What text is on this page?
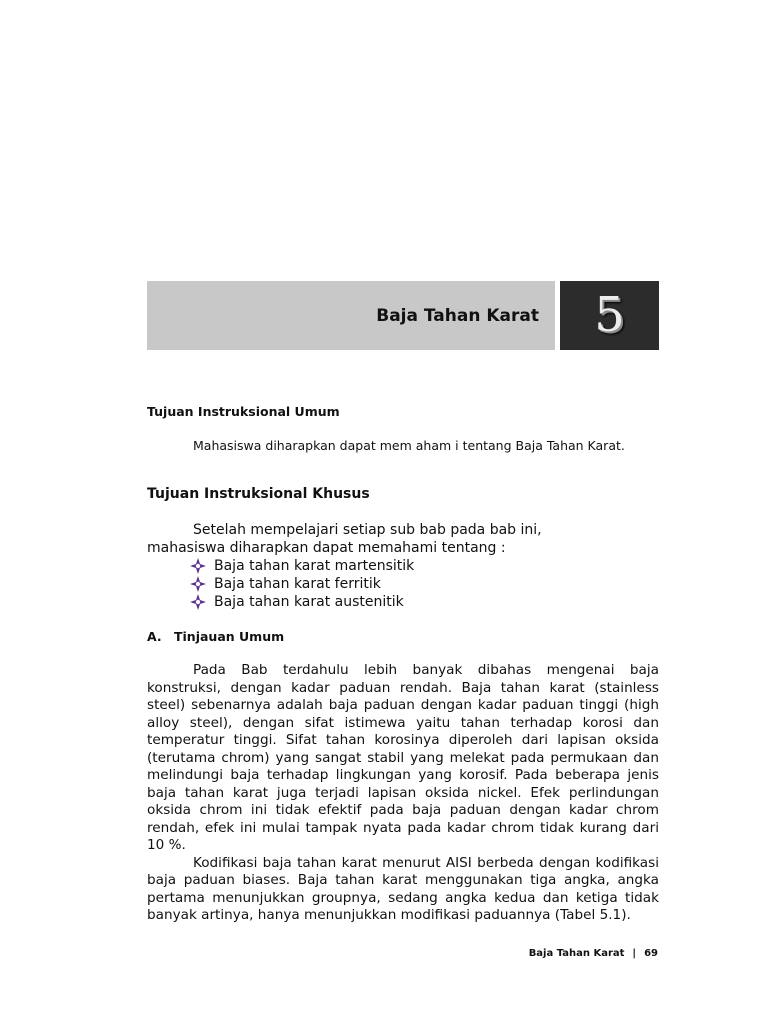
Baja Tahan Karat	5
Tujuan Instruksional Umum
Mahasiswa diharapkan dapat mem aham i tentang Baja Tahan Karat.
Tujuan Instruksional Khusus
Setelah mempelajari setiap sub bab pada bab ini, mahasiswa diharapkan dapat memahami tentang :
Baja tahan karat martensitik
Baja tahan karat ferritik
Baja tahan karat austenitik
A. Tinjauan Umum

Pada Bab terdahulu lebih banyak dibahas mengenai baja konstruksi, dengan kadar paduan rendah. Baja tahan karat (stainless steel) sebenarnya adalah baja paduan dengan kadar paduan tinggi (high alloy steel), dengan sifat istimewa yaitu tahan terhadap korosi dan temperatur tinggi. Sifat tahan korosinya diperoleh dari lapisan oksida (terutama chrom) yang sangat stabil yang melekat pada permukaan dan melindungi baja terhadap lingkungan yang korosif. Pada beberapa jenis baja tahan karat juga terjadi lapisan oksida nickel. Efek perlindungan oksida chrom ini tidak efektif pada baja paduan dengan kadar chrom rendah, efek ini mulai tampak nyata pada kadar chrom tidak kurang dari 10 %.

Kodifikasi baja tahan karat menurut AISI berbeda dengan kodifikasi baja paduan biases. Baja tahan karat menggunakan tiga angka, angka pertama menunjukkan groupnya, sedang angka kedua dan ketiga tidak banyak artinya, hanya menunjukkan modifikasi paduannya (Tabel 5.1).

Baja Tahan Karat | 69
